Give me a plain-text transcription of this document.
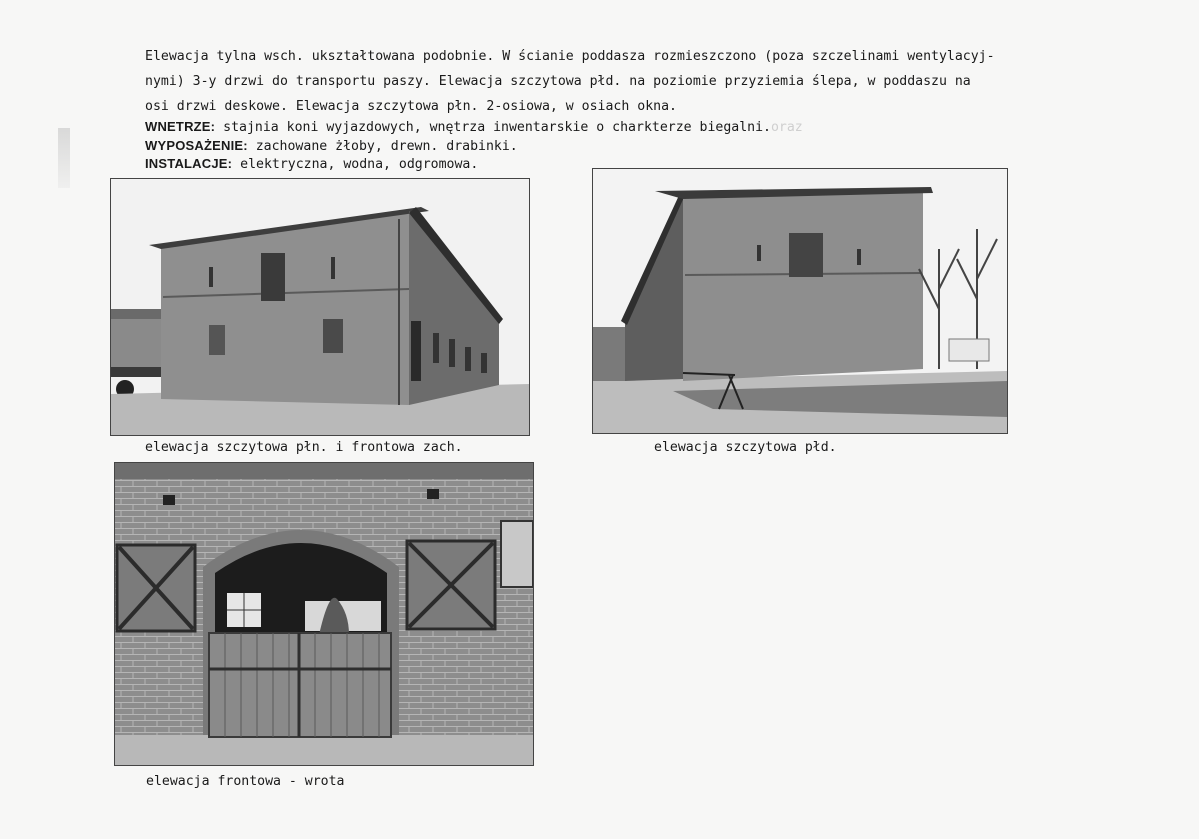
Elewacja tylna wsch. ukształtowana podobnie. W ścianie poddasza rozmieszczono (poza szczelinami wentylacyj-
nymi) 3-y drzwi do transportu paszy. Elewacja szczytowa płd. na poziomie przyziemia ślepa, w poddaszu na
osi drzwi deskowe. Elewacja szczytowa płn. 2-osiowa, w osiach okna.
WNETRZE: stajnia koni wyjazdowych, wnętrza inwentarskie o charkterze biegalni.oraz
WYPOSAŻENIE: zachowane żłoby, drewn. drabinki.
INSTALACJE: elektryczna, wodna, odgromowa.
elewacja szczytowa płn. i frontowa zach.	elewacja szczytowa płd.
elewacja frontowa - wrota
